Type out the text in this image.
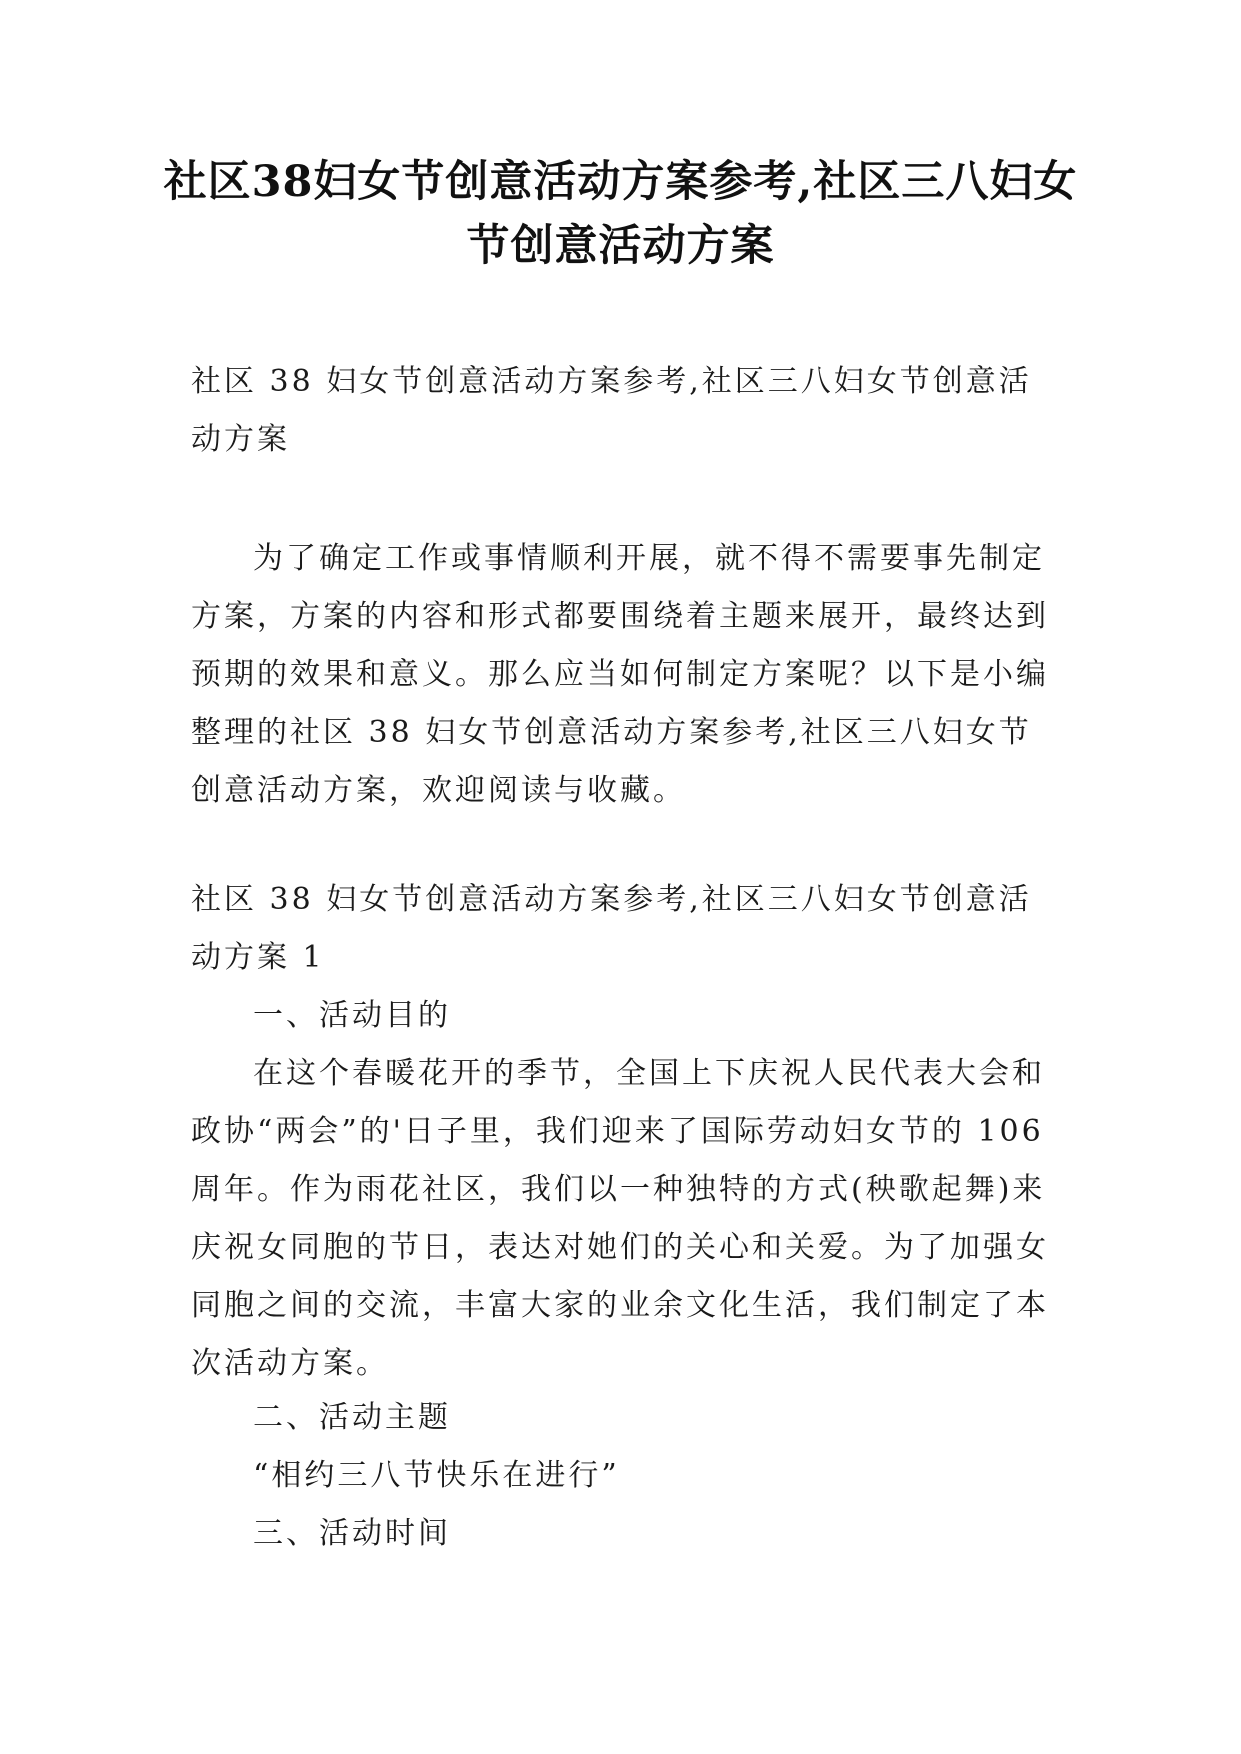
社区38妇女节创意活动方案参考,社区三八妇女节创意活动方案

社区 38 妇女节创意活动方案参考,社区三八妇女节创意活动方案

为了确定工作或事情顺利开展，就不得不需要事先制定方案，方案的内容和形式都要围绕着主题来展开，最终达到预期的效果和意义。那么应当如何制定方案呢？以下是小编整理的社区 38 妇女节创意活动方案参考,社区三八妇女节创意活动方案，欢迎阅读与收藏。

社区 38 妇女节创意活动方案参考,社区三八妇女节创意活动方案 1

一、活动目的

在这个春暖花开的季节，全国上下庆祝人民代表大会和政协“两会”的'日子里，我们迎来了国际劳动妇女节的 106 周年。作为雨花社区，我们以一种独特的方式(秧歌起舞)来庆祝女同胞的节日，表达对她们的关心和关爱。为了加强女同胞之间的交流，丰富大家的业余文化生活，我们制定了本次活动方案。

二、活动主题

“相约三八节快乐在进行”

三、活动时间
